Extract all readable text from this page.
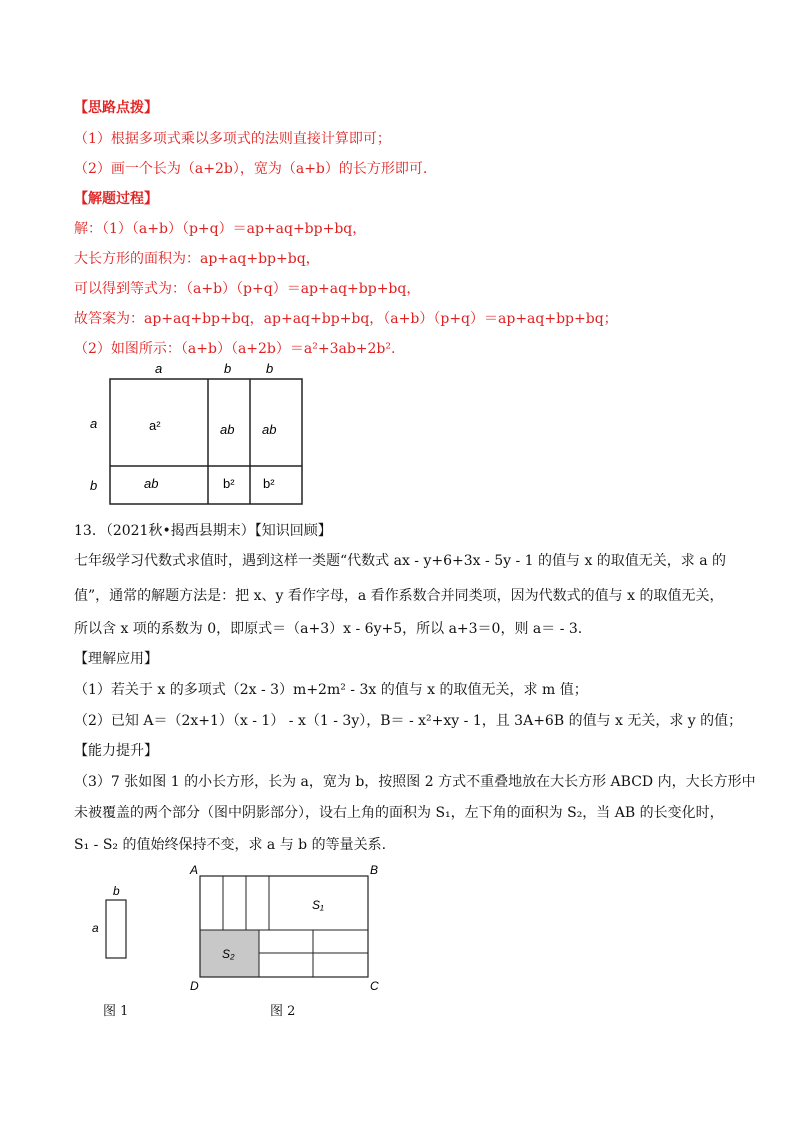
【思路点拨】
（1）根据多项式乘以多项式的法则直接计算即可；
（2）画一个长为（a+2b），宽为（a+b）的长方形即可.
【解题过程】
解：（1）（a+b）（p+q）＝ap+aq+bp+bq，
大长方形的面积为：ap+aq+bp+bq，
可以得到等式为：（a+b）（p+q）＝ap+aq+bp+bq，
故答案为：ap+aq+bp+bq，ap+aq+bp+bq，（a+b）（p+q）＝ap+aq+bp+bq；
（2）如图所示：（a+b）（a+2b）＝a²+3ab+2b².
a	b	b
a
b
a²	ab ab
ab	b² b²
13．（2021秋•揭西县期末）【知识回顾】
七年级学习代数式求值时，遇到这样一类题“代数式 ax - y+6+3x - 5y - 1 的值与 x 的取值无关，求 a 的
值”，通常的解题方法是：把 x、y 看作字母，a 看作系数合并同类项，因为代数式的值与 x 的取值无关，
所以含 x 项的系数为 0，即原式＝（a+3）x - 6y+5，所以 a+3＝0，则 a＝ - 3.
【理解应用】
（1）若关于 x 的多项式（2x - 3）m+2m² - 3x 的值与 x 的取值无关，求 m 值；
（2）已知 A＝（2x+1）（x - 1） - x（1 - 3y），B＝ - x²+xy - 1，且 3A+6B 的值与 x 无关，求 y 的值；
【能力提升】
（3）7 张如图 1 的小长方形，长为 a，宽为 b，按照图 2 方式不重叠地放在大长方形 ABCD 内，大长方形中
未被覆盖的两个部分（图中阴影部分），设右上角的面积为 S₁，左下角的面积为 S₂，当 AB 的长变化时，
S₁ - S₂ 的值始终保持不变，求 a 与 b 的等量关系.
b
a
图 1
A	B
C
D
S₁
S₂
图 2
